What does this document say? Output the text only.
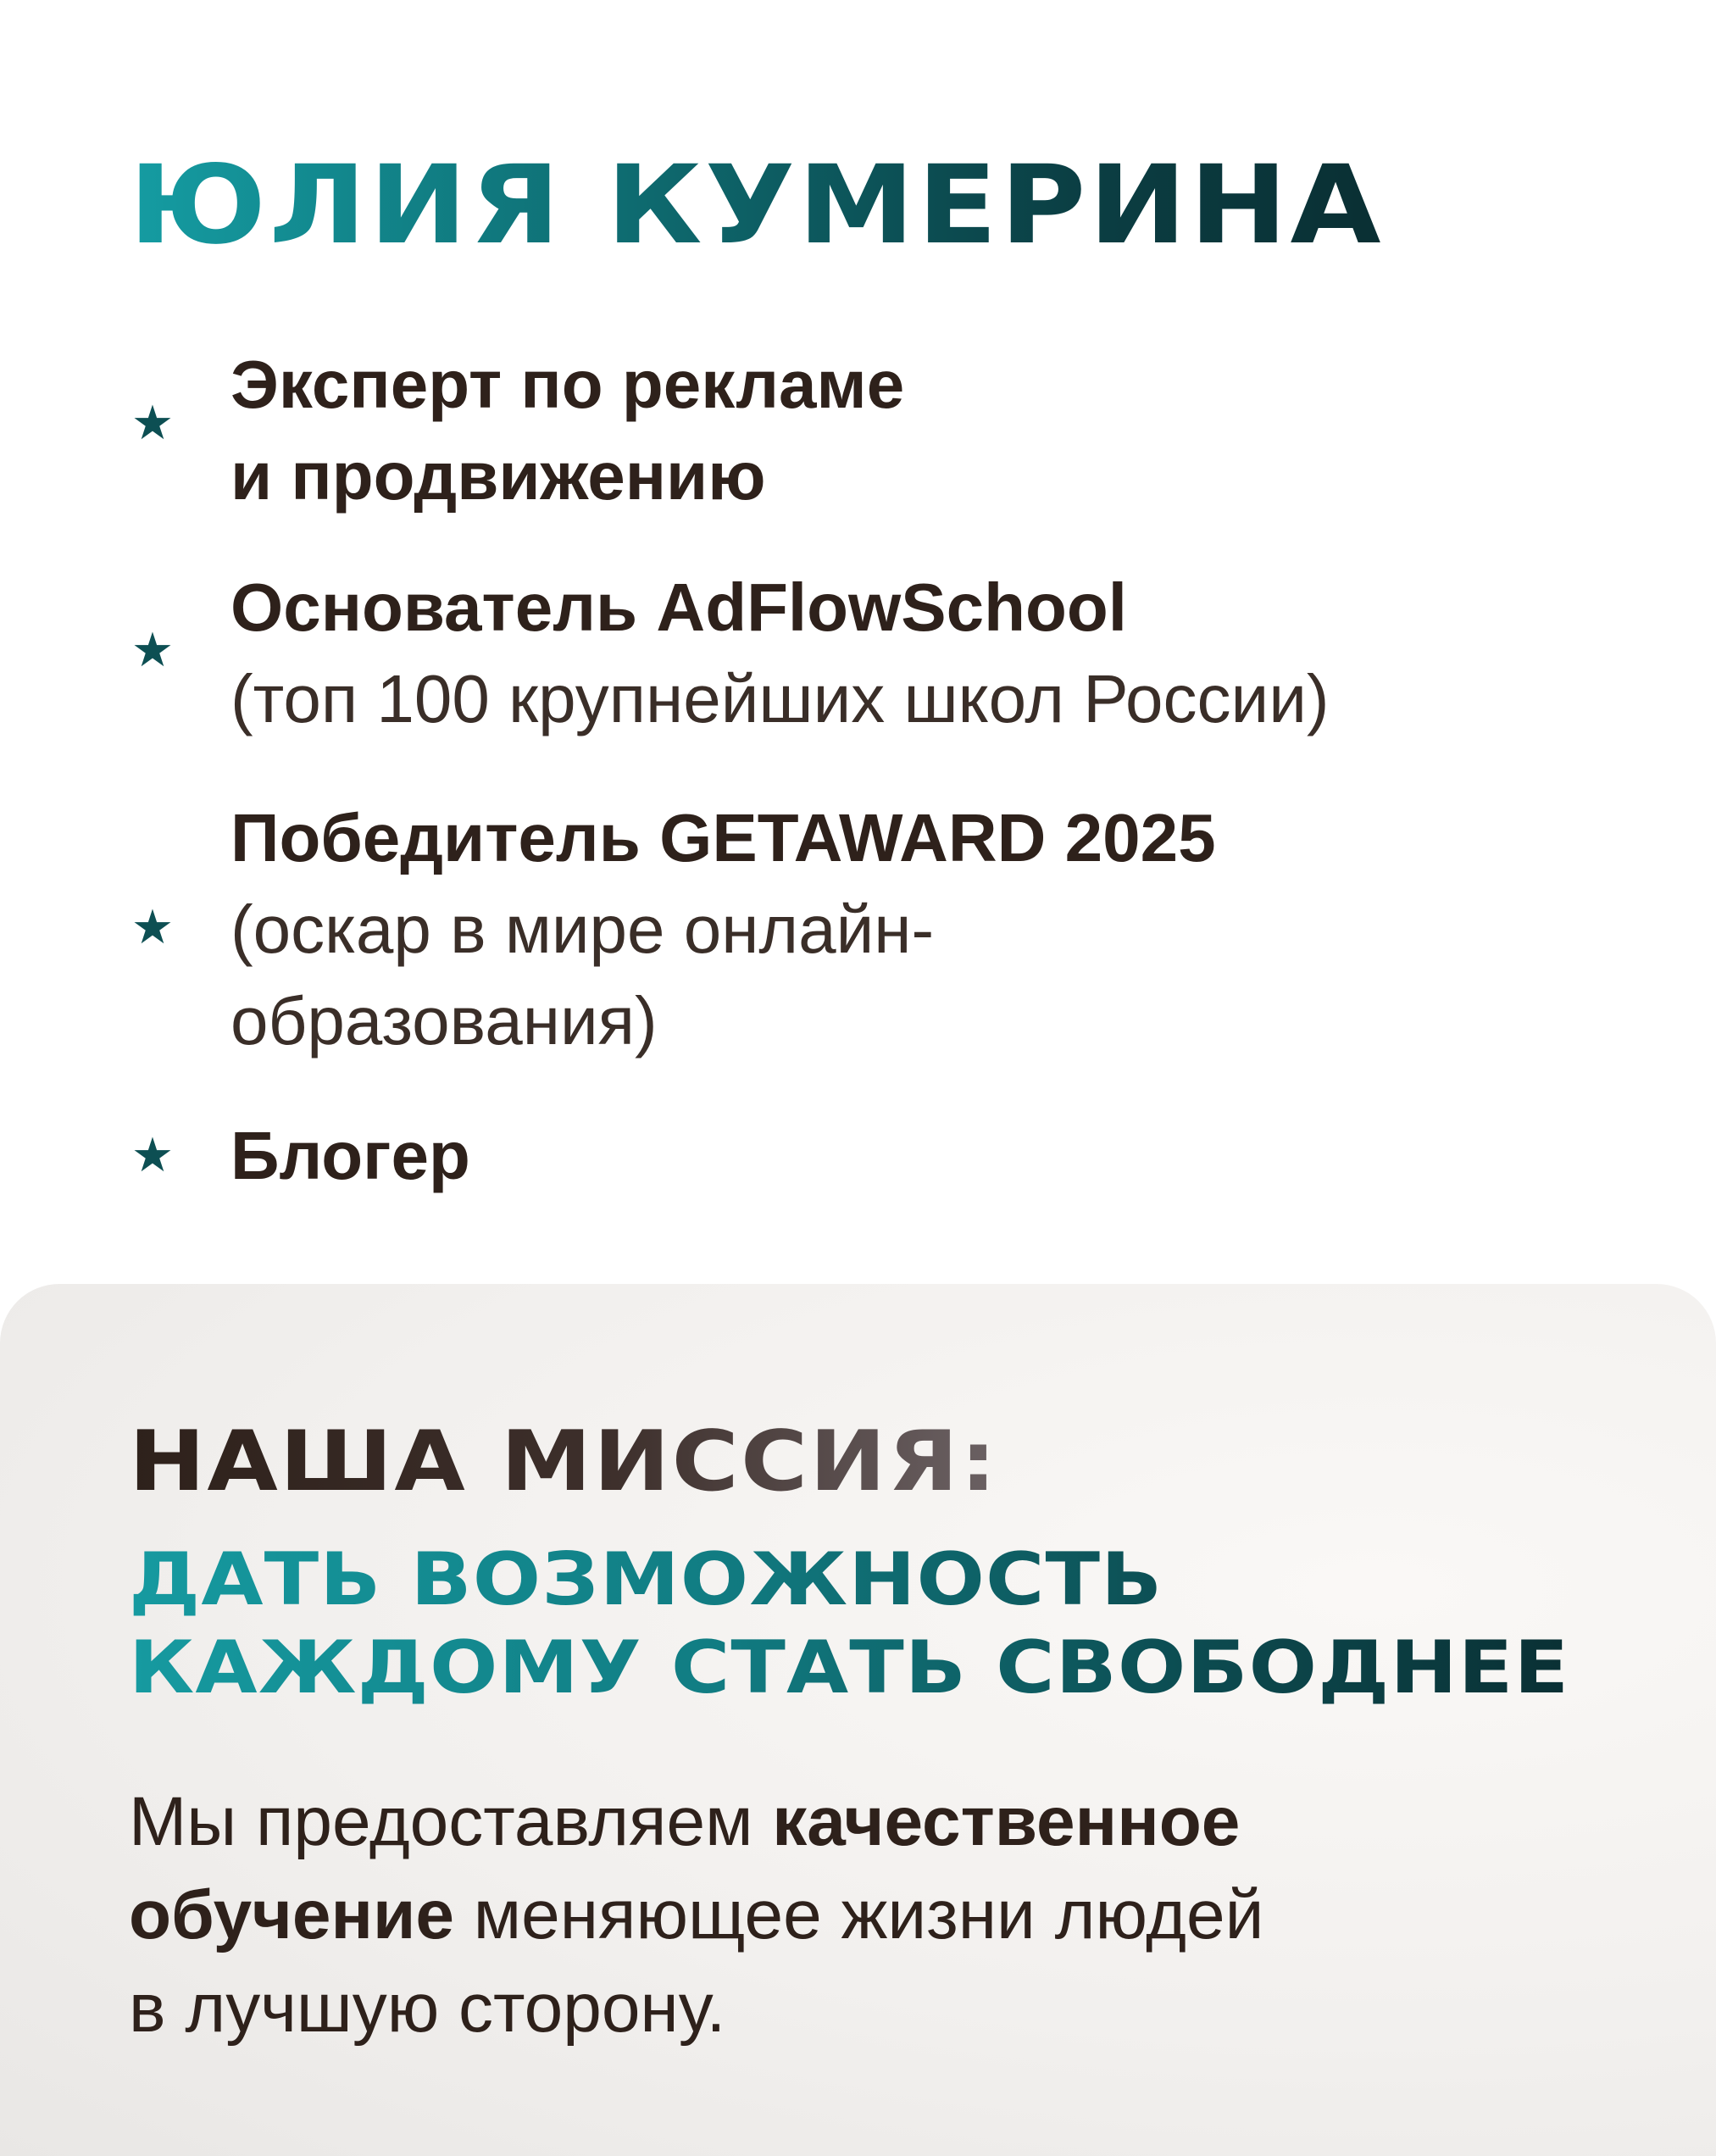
ЮЛИЯ КУМЕРИНА
★
Эксперт по рекламе
и продвижению
★
Основатель AdFlowSchool
(топ 100 крупнейших школ России)
★
Победитель GETAWARD 2025
(оскар в мире онлайн-
образования)
★ Блогер
НАША МИССИЯ:

ДАТЬ ВОЗМОЖНОСТЬ
КАЖДОМУ СТАТЬ СВОБОДНЕЕ

Мы предоставляем качественное
обучение меняющее жизни людей
в лучшую сторону.
